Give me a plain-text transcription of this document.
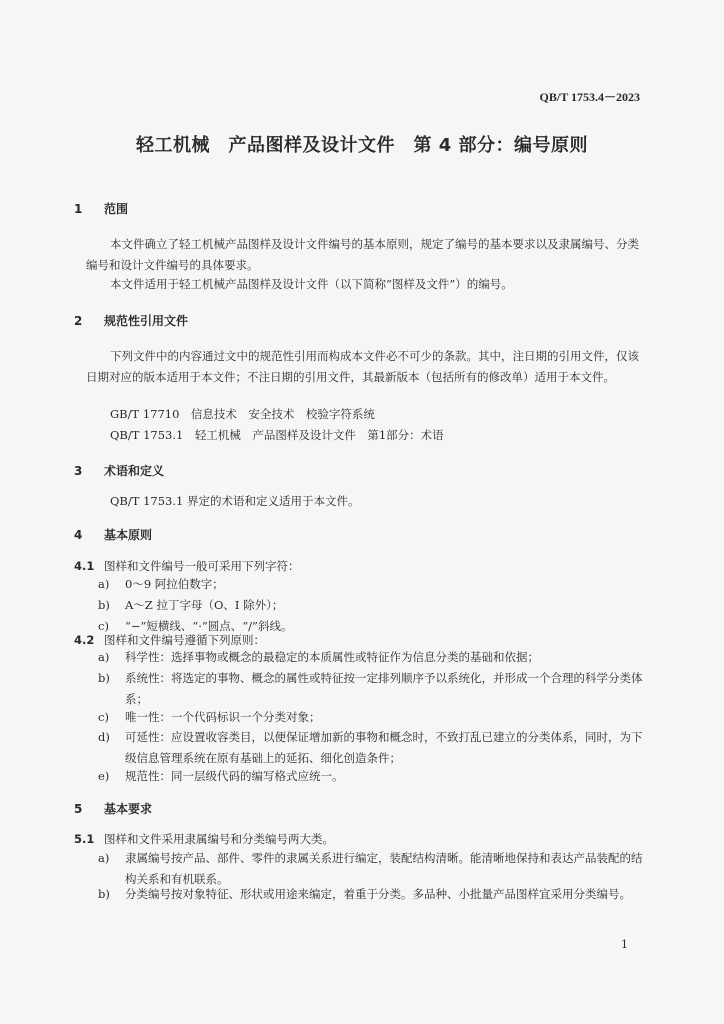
QB/T 1753.4－2023
轻工机械　产品图样及设计文件　第 4 部分：编号原则
1 范围
本文件确立了轻工机械产品图样及设计文件编号的基本原则，规定了编号的基本要求以及隶属编号、分类编号和设计文件编号的具体要求。
本文件适用于轻工机械产品图样及设计文件（以下简称“图样及文件”）的编号。
2 规范性引用文件
下列文件中的内容通过文中的规范性引用而构成本文件必不可少的条款。其中，注日期的引用文件，仅该日期对应的版本适用于本文件；不注日期的引用文件，其最新版本（包括所有的修改单）适用于本文件。
GB/T 17710　信息技术　安全技术　校验字符系统
QB/T 1753.1　轻工机械　产品图样及设计文件　第1部分：术语
3 术语和定义
QB/T 1753.1 界定的术语和定义适用于本文件。
4 基本原则
4.1 图样和文件编号一般可采用下列字符：
a) 0～9 阿拉伯数字；
b) A～Z 拉丁字母（O、I 除外）；
c) “−”短横线、“·”圆点、“/”斜线。
4.2 图样和文件编号遵循下列原则：
a) 科学性：选择事物或概念的最稳定的本质属性或特征作为信息分类的基础和依据；
b) 系统性：将选定的事物、概念的属性或特征按一定排列顺序予以系统化，并形成一个合理的科学分类体系；
c) 唯一性：一个代码标识一个分类对象；
d) 可延性：应设置收容类目，以便保证增加新的事物和概念时，不致打乱已建立的分类体系，同时，为下级信息管理系统在原有基础上的延拓、细化创造条件；
e) 规范性：同一层级代码的编写格式应统一。
5 基本要求
5.1 图样和文件采用隶属编号和分类编号两大类。
a) 隶属编号按产品、部件、零件的隶属关系进行编定，装配结构清晰。能清晰地保持和表达产品装配的结构关系和有机联系。
b) 分类编号按对象特征、形状或用途来编定，着重于分类。多品种、小批量产品图样宜采用分类编号。
1
